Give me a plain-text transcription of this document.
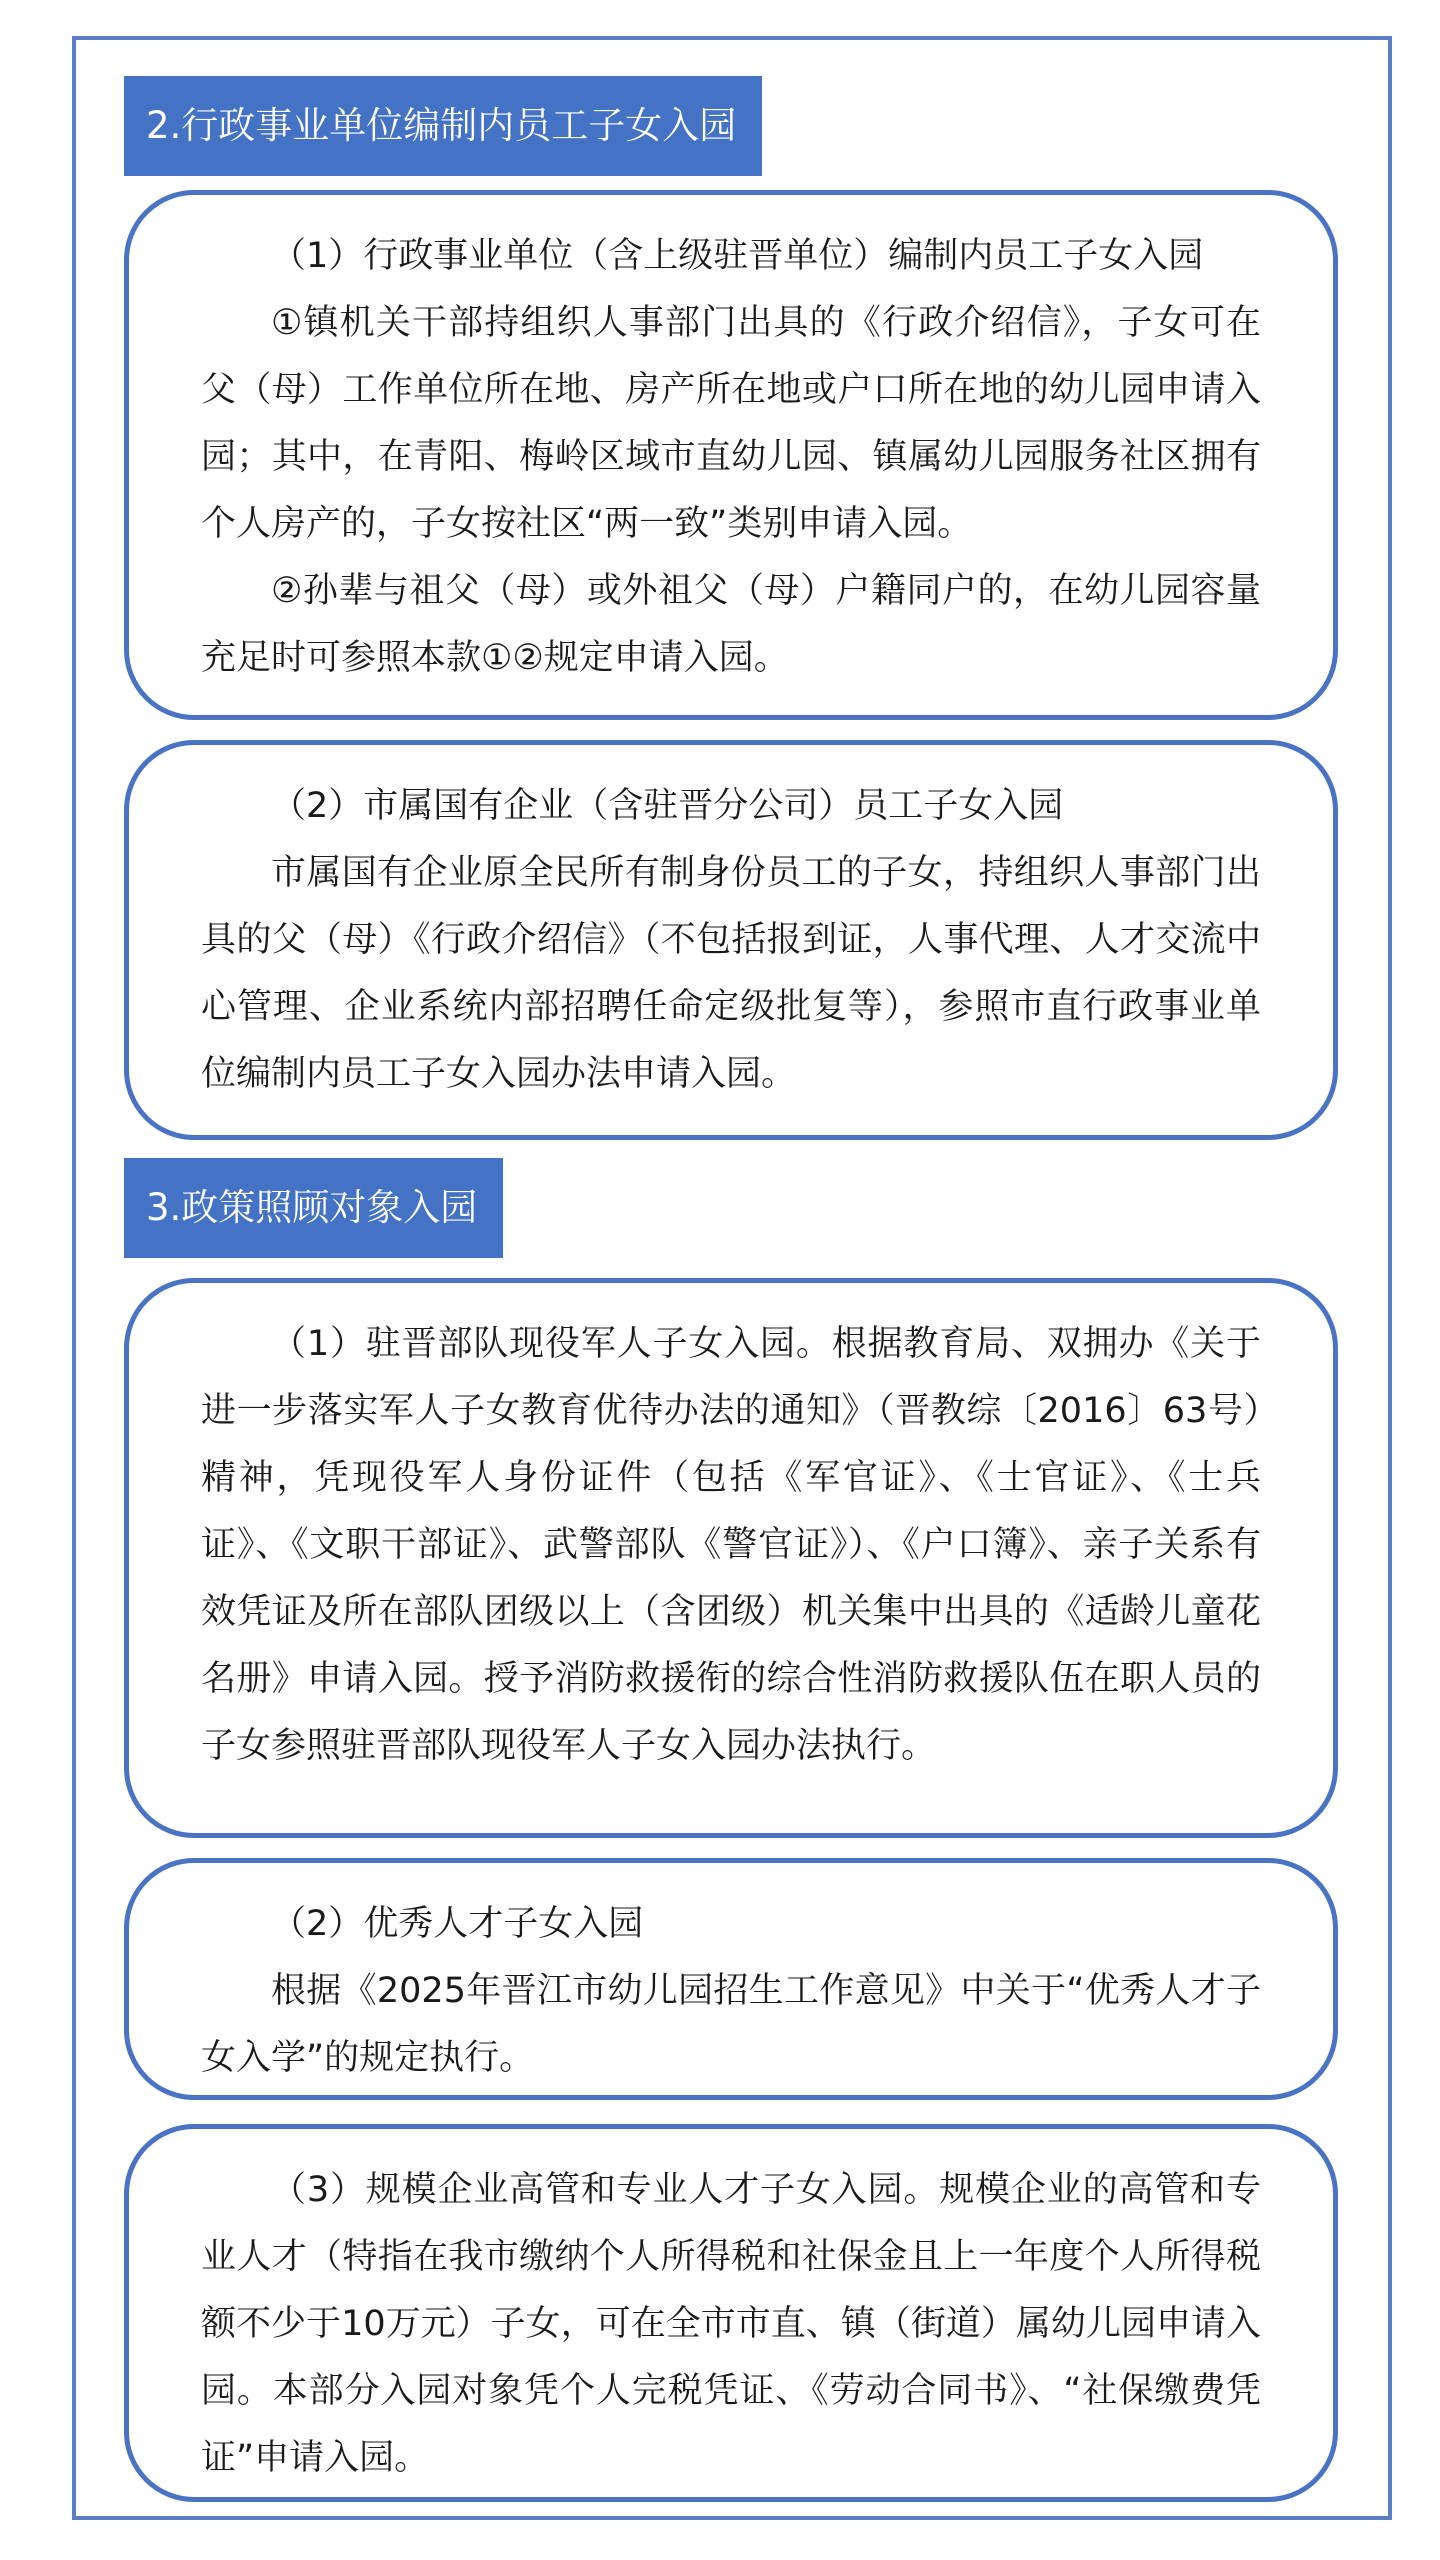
2.行政事业单位编制内员工子女入园

（1）行政事业单位（含上级驻晋单位）编制内员工子女入园

①镇机关干部持组织人事部门出具的《行政介绍信》，子女可在父（母）工作单位所在地、房产所在地或户口所在地的幼儿园申请入园；其中，在青阳、梅岭区域市直幼儿园、镇属幼儿园服务社区拥有个人房产的，子女按社区“两一致”类别申请入园。

②孙辈与祖父（母）或外祖父（母）户籍同户的，在幼儿园容量充足时可参照本款①②规定申请入园。

（2）市属国有企业（含驻晋分公司）员工子女入园

市属国有企业原全民所有制身份员工的子女，持组织人事部门出具的父（母）《行政介绍信》（不包括报到证，人事代理、人才交流中心管理、企业系统内部招聘任命定级批复等），参照市直行政事业单位编制内员工子女入园办法申请入园。

3.政策照顾对象入园

（1）驻晋部队现役军人子女入园。根据教育局、双拥办《关于进一步落实军人子女教育优待办法的通知》（晋教综〔2016〕63号）精神，凭现役军人身份证件（包括《军官证》、《士官证》、《士兵证》、《文职干部证》、武警部队《警官证》）、《户口簿》、亲子关系有效凭证及所在部队团级以上（含团级）机关集中出具的《适龄儿童花名册》申请入园。授予消防救援衔的综合性消防救援队伍在职人员的子女参照驻晋部队现役军人子女入园办法执行。

（2）优秀人才子女入园

根据《2025年晋江市幼儿园招生工作意见》中关于“优秀人才子女入学”的规定执行。

（3）规模企业高管和专业人才子女入园。规模企业的高管和专业人才（特指在我市缴纳个人所得税和社保金且上一年度个人所得税额不少于10万元）子女，可在全市市直、镇（街道）属幼儿园申请入园。本部分入园对象凭个人完税凭证、《劳动合同书》、“社保缴费凭证”申请入园。
